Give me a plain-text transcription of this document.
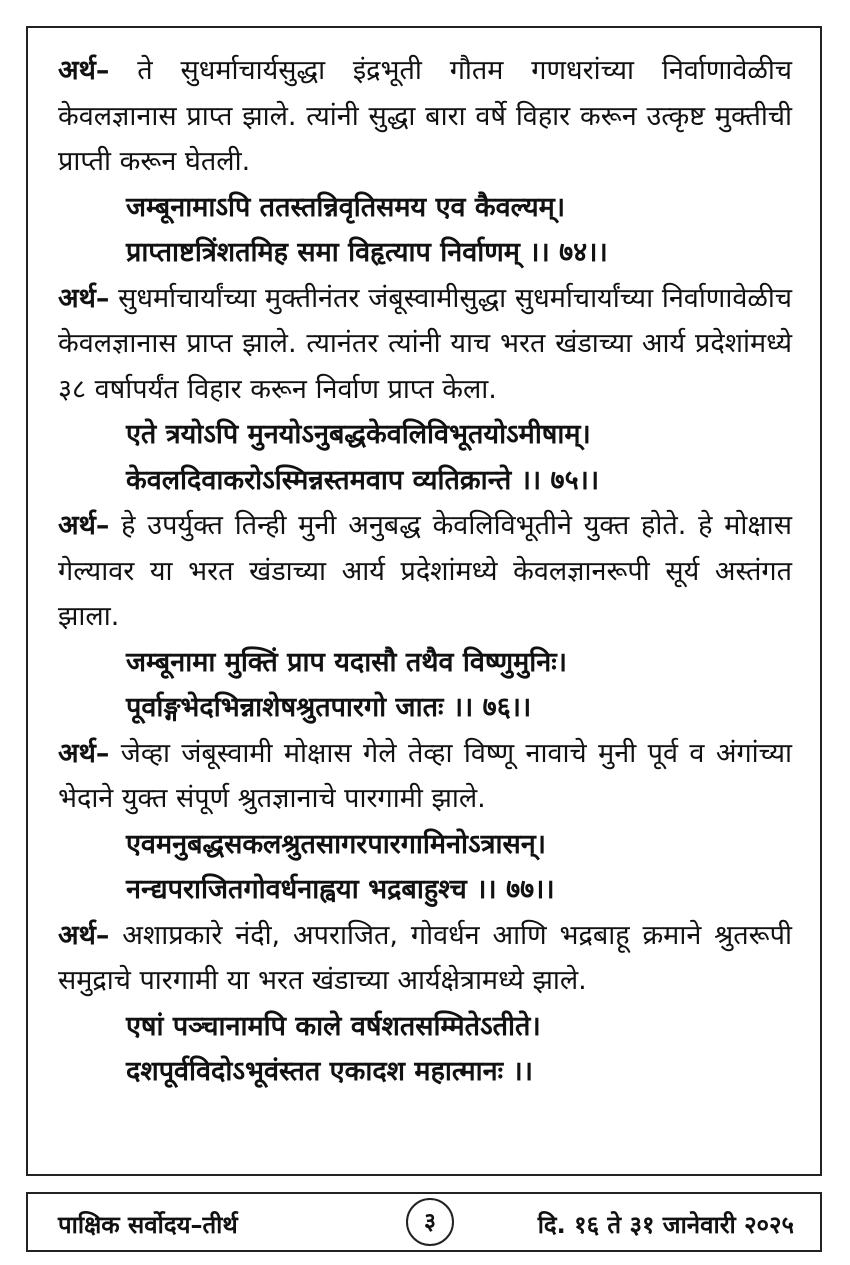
अर्थ– ते सुधर्माचार्यसुद्धा इंद्रभूती गौतम गणधरांच्या निर्वाणावेळीच केवलज्ञानास प्राप्त झाले. त्यांनी सुद्धा बारा वर्षे विहार करून उत्कृष्ट मुक्तीची प्राप्ती करून घेतली.

जम्बूनामाऽपि ततस्तन्निवृतिसमय एव कैवल्यम्।

प्राप्ताष्टत्रिंशतमिह समा विहृत्याप निर्वाणम् ।। ७४।।

अर्थ– सुधर्माचार्यांच्या मुक्तीनंतर जंबूस्वामीसुद्धा सुधर्माचार्यांच्या निर्वाणावेळीच केवलज्ञानास प्राप्त झाले. त्यानंतर त्यांनी याच भरत खंडाच्या आर्य प्रदेशांमध्ये ३८ वर्षापर्यंत विहार करून निर्वाण प्राप्त केला.

एते त्रयोऽपि मुनयोऽनुबद्धकेवलिविभूतयोऽमीषाम्।

केवलदिवाकरोऽस्मिन्नस्तमवाप व्यतिक्रान्ते ।। ७५।।

अर्थ– हे उपर्युक्त तिन्ही मुनी अनुबद्ध केवलिविभूतीने युक्त होते. हे मोक्षास गेल्यावर या भरत खंडाच्या आर्य प्रदेशांमध्ये केवलज्ञानरूपी सूर्य अस्तंगत झाला.

जम्बूनामा मुक्तिं प्राप यदासौ तथैव विष्णुमुनिः।

पूर्वाङ्गभेदभिन्नाशेषश्रुतपारगो जातः ।। ७६।।

अर्थ– जेव्हा जंबूस्वामी मोक्षास गेले तेव्हा विष्णू नावाचे मुनी पूर्व व अंगांच्या भेदाने युक्त संपूर्ण श्रुतज्ञानाचे पारगामी झाले.

एवमनुबद्धसकलश्रुतसागरपारगामिनोऽत्रासन्।

नन्द्यपराजितगोवर्धनाह्वया भद्रबाहुश्च ।। ७७।।

अर्थ– अशाप्रकारे नंदी, अपराजित, गोवर्धन आणि भद्रबाहू क्रमाने श्रुतरूपी समुद्राचे पारगामी या भरत खंडाच्या आर्यक्षेत्रामध्ये झाले.

एषां पञ्चानामपि काले वर्षशतसम्मितेऽतीते।

दशपूर्वविदोऽभूवंस्तत एकादश महात्मानः ।।

पाक्षिक सर्वोदय–तीर्थ	३	दि. १६ ते ३१ जानेवारी २०२५
